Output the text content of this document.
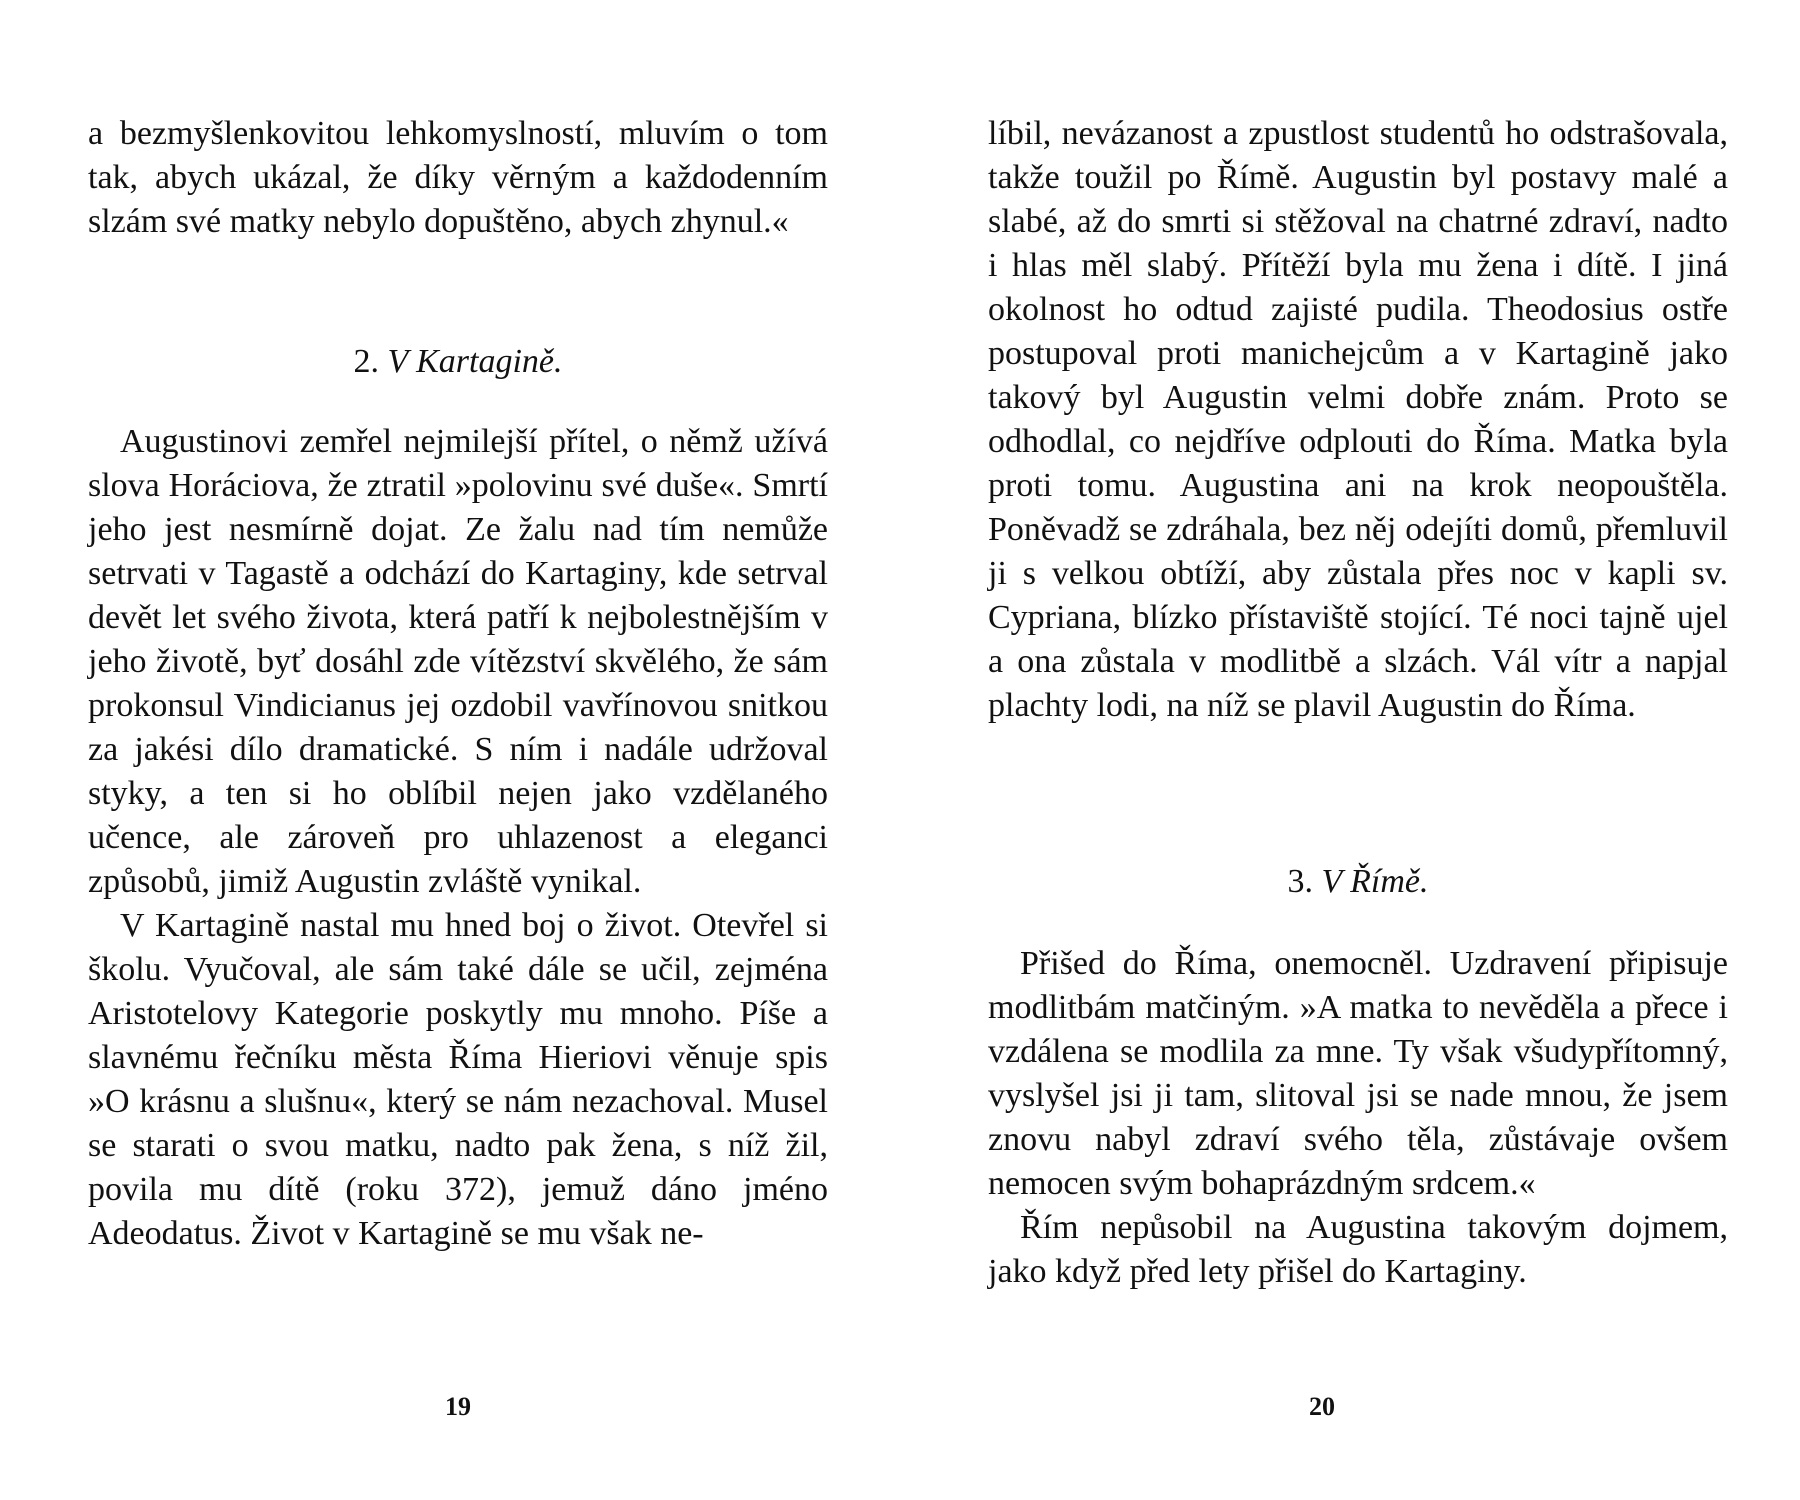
a bezmyšlenkovitou lehkomyslností, mluvím o tom tak, abych ukázal, že díky věrným a každodenním slzám své matky nebylo dopuštěno, abych zhynul.«

2. V Kartagině.

Augustinovi zemřel nejmilejší přítel, o němž užívá slova Horáciova, že ztratil »polovinu své duše«. Smrtí jeho jest nesmírně dojat. Ze žalu nad tím nemůže setrvati v Tagastě a odchází do Kartaginy, kde setrval devět let svého života, která patří k nejbolestnějším v jeho životě, byť dosáhl zde vítězství skvělého, že sám prokonsul Vindicianus jej ozdobil vavřínovou snitkou za jakési dílo dramatické. S ním i nadále udržoval styky, a ten si ho oblíbil nejen jako vzdělaného učence, ale zároveň pro uhlazenost a eleganci způsobů, jimiž Augustin zvláště vynikal.

V Kartagině nastal mu hned boj o život. Otevřel si školu. Vyučoval, ale sám také dále se učil, zejména Aristotelovy Kategorie poskytly mu mnoho. Píše a slavnému řečníku města Říma Hieriovi věnuje spis »O krásnu a slušnu«, který se nám nezachoval. Musel se starati o svou matku, nadto pak žena, s níž žil, povila mu dítě (roku 372), jemuž dáno jméno Adeodatus. Život v Kartagině se mu však ne-

19

líbil, nevázanost a zpustlost studentů ho odstrašovala, takže toužil po Římě. Augustin byl postavy malé a slabé, až do smrti si stěžoval na chatrné zdraví, nadto i hlas měl slabý. Přítěží byla mu žena i dítě. I jiná okolnost ho odtud zajisté pudila. Theodosius ostře postupoval proti manichejcům a v Kartagině jako takový byl Augustin velmi dobře znám. Proto se odhodlal, co nejdříve odplouti do Říma. Matka byla proti tomu. Augustina ani na krok neopouštěla. Poněvadž se zdráhala, bez něj odejíti domů, přemluvil ji s velkou obtíží, aby zůstala přes noc v kapli sv. Cypriana, blízko přístaviště stojící. Té noci tajně ujel a ona zůstala v modlitbě a slzách. Vál vítr a napjal plachty lodi, na níž se plavil Augustin do Říma.

3. V Římě.

Přišed do Říma, onemocněl. Uzdravení připisuje modlitbám matčiným. »A matka to nevěděla a přece i vzdálena se modlila za mne. Ty však všudypřítomný, vyslyšel jsi ji tam, slitoval jsi se nade mnou, že jsem znovu nabyl zdraví svého těla, zůstávaje ovšem nemocen svým bohaprázdným srdcem.«

Řím nepůsobil na Augustina takovým dojmem, jako když před lety přišel do Kartaginy.

20
